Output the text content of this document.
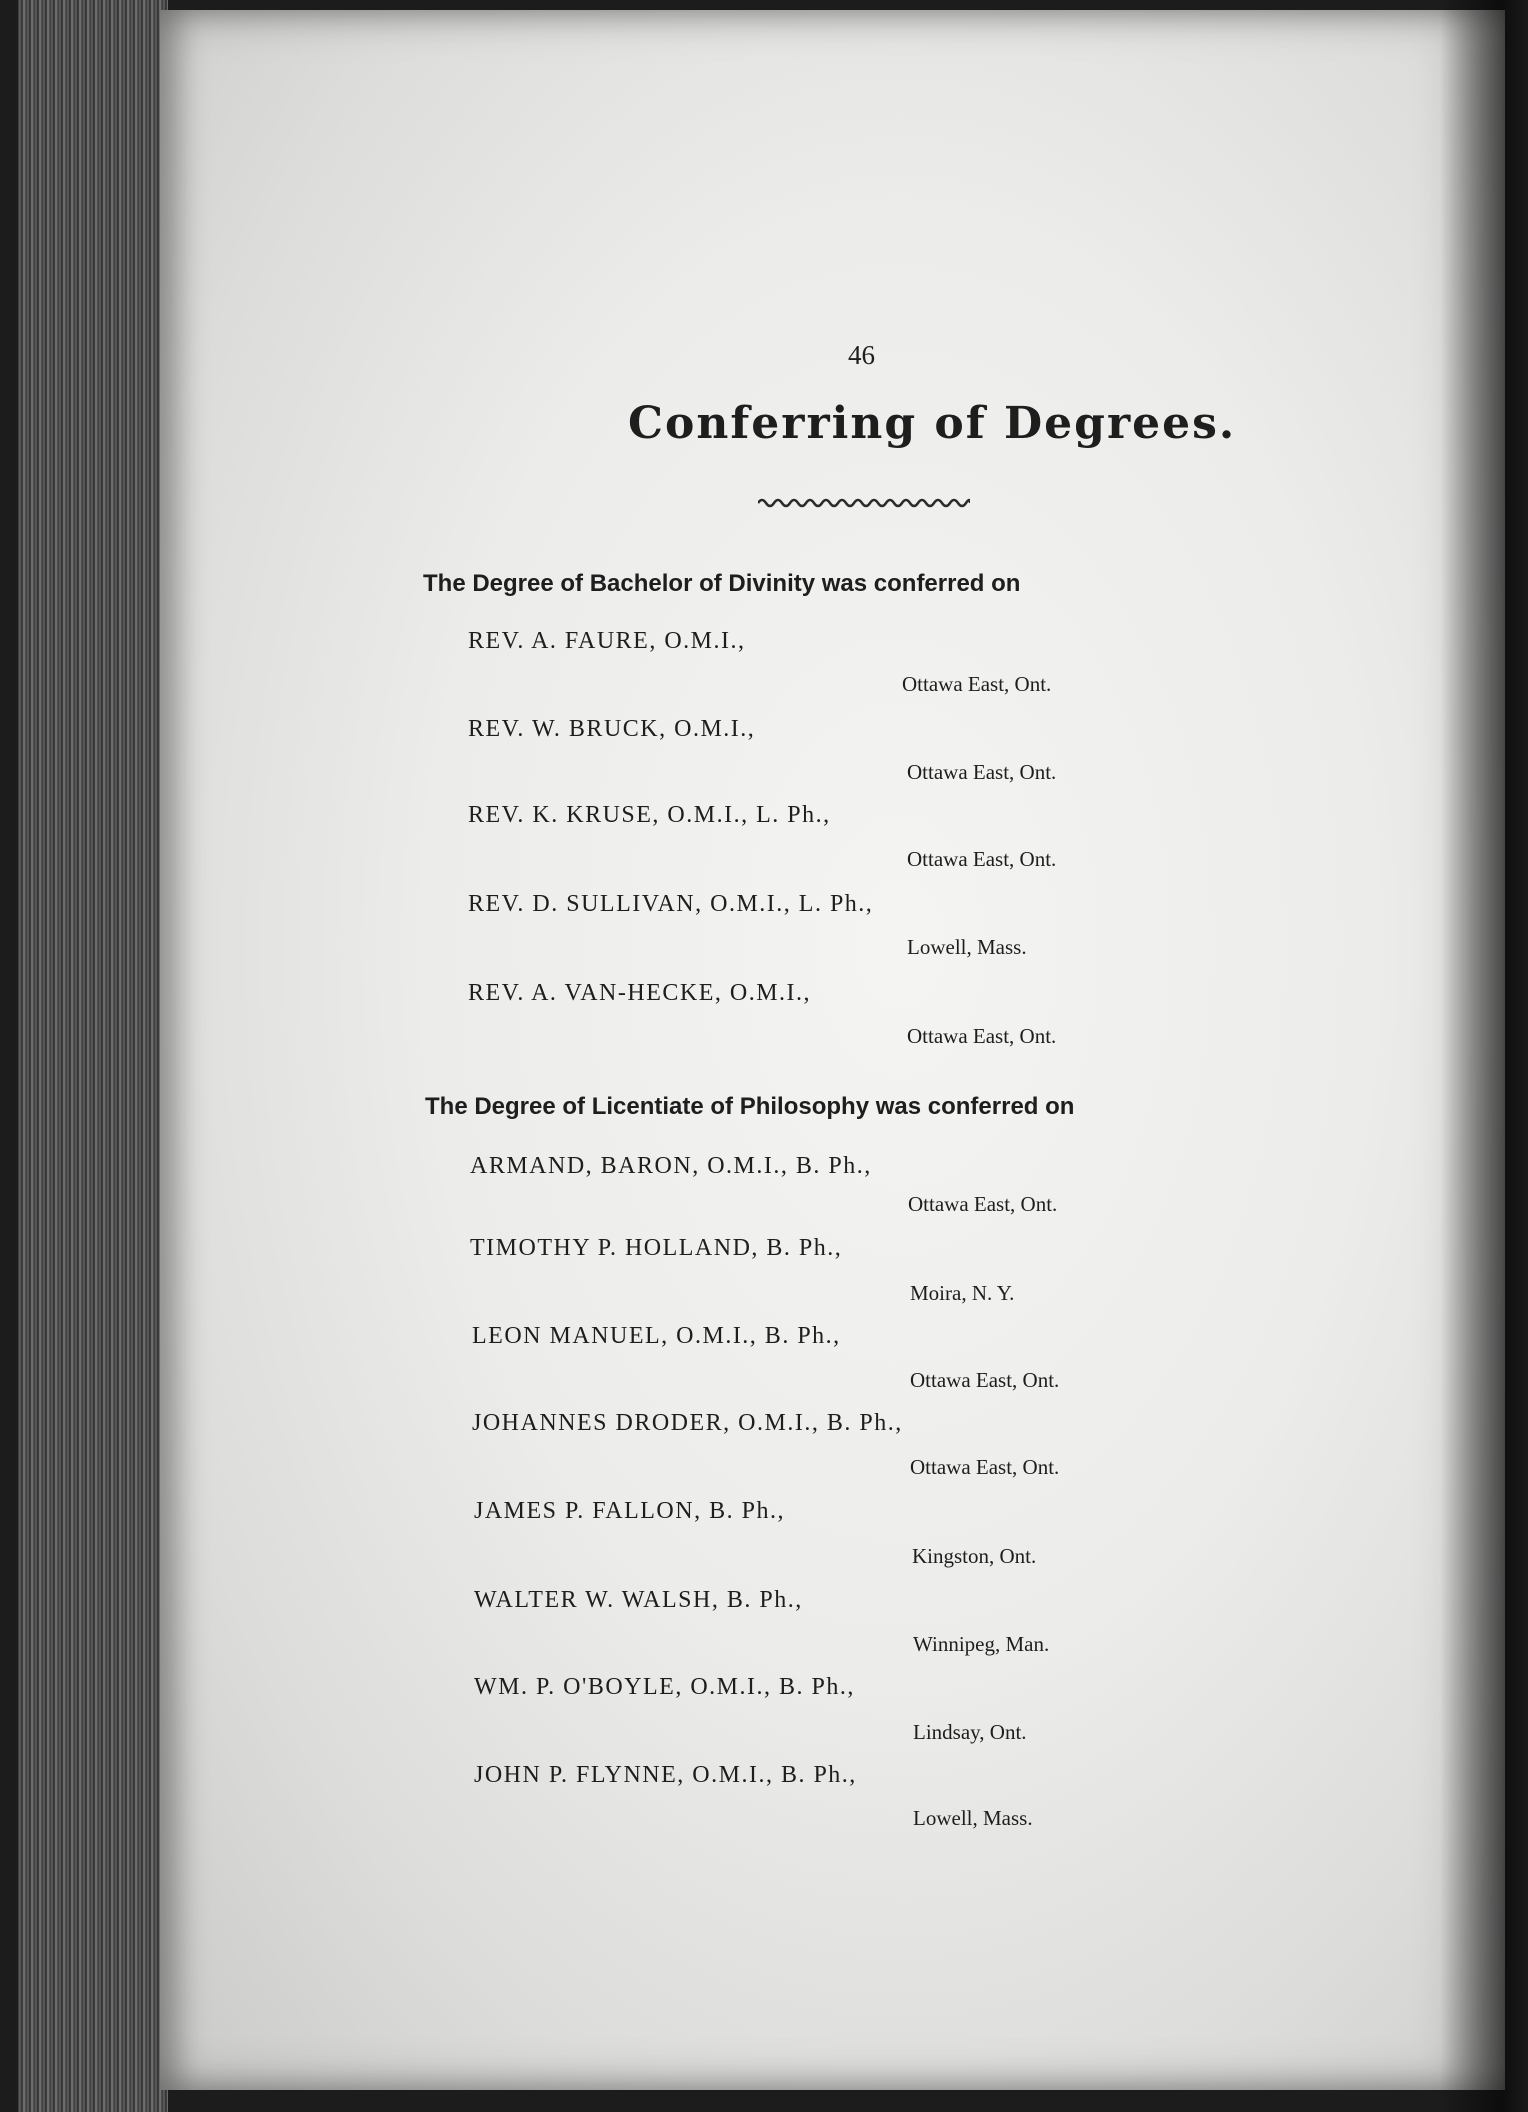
46
Conferring of Degrees.
The Degree of Bachelor of Divinity was conferred on
REV. A. FAURE, O.M.I.,
Ottawa East, Ont.
REV. W. BRUCK, O.M.I.,
Ottawa East, Ont.
REV. K. KRUSE, O.M.I., L. Ph.,
Ottawa East, Ont.
REV. D. SULLIVAN, O.M.I., L. Ph.,
Lowell, Mass.
REV. A. VAN-HECKE, O.M.I.,
Ottawa East, Ont.
The Degree of Licentiate of Philosophy was conferred on
ARMAND, BARON, O.M.I., B. Ph.,
Ottawa East, Ont.
TIMOTHY P. HOLLAND, B. Ph.,
Moira, N. Y.
LEON MANUEL, O.M.I., B. Ph.,
Ottawa East, Ont.
JOHANNES DRODER, O.M.I., B. Ph.,
Ottawa East, Ont.
JAMES P. FALLON, B. Ph.,
Kingston, Ont.
WALTER W. WALSH, B. Ph.,
Winnipeg, Man.
WM. P. O'BOYLE, O.M.I., B. Ph.,
Lindsay, Ont.
JOHN P. FLYNNE, O.M.I., B. Ph.,
Lowell, Mass.
